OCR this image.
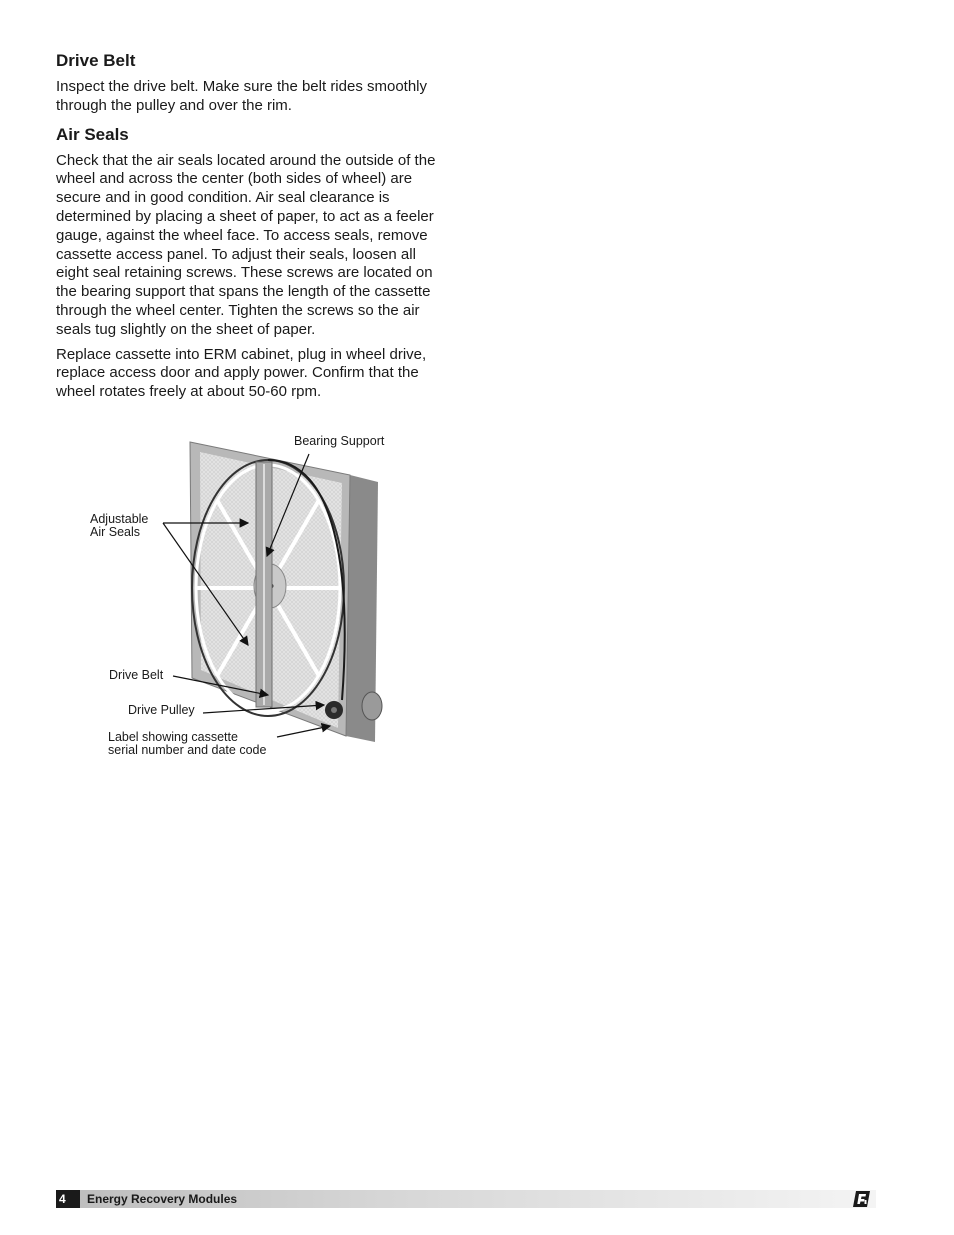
Drive Belt

Inspect the drive belt. Make sure the belt rides smoothly through the pulley and over the rim.

Air Seals

Check that the air seals located around the outside of the wheel and across the center (both sides of wheel) are secure and in good condition. Air seal clearance is determined by placing a sheet of paper, to act as a feeler gauge, against the wheel face. To access seals, remove cassette access panel. To adjust their seals, loosen all eight seal retaining screws. These screws are located on the bearing support that spans the length of the cassette through the wheel center. Tighten the screws so the air seals tug slightly on the sheet of paper.

Replace cassette into ERM cabinet, plug in wheel drive, replace access door and apply power. Confirm that the wheel rotates freely at about 50-60 rpm.

Bearing Support
Adjustable
Air Seals
Drive Belt
Drive Pulley
Label showing cassette
serial number and date code
4	Energy Recovery Modules
